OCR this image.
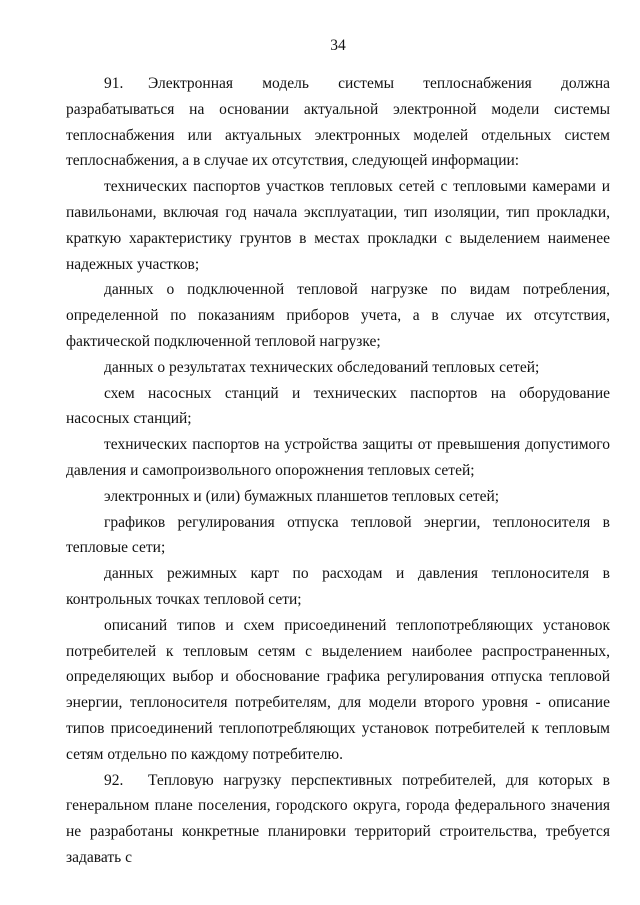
34

91. Электронная модель системы теплоснабжения должна разрабатываться на основании актуальной электронной модели системы теплоснабжения или актуальных электронных моделей отдельных систем теплоснабжения, а в случае их отсутствия, следующей информации:

технических паспортов участков тепловых сетей с тепловыми камерами и павильонами, включая год начала эксплуатации, тип изоляции, тип прокладки, краткую характеристику грунтов в местах прокладки с выделением наименее надежных участков;

данных о подключенной тепловой нагрузке по видам потребления, определенной по показаниям приборов учета, а в случае их отсутствия, фактической подключенной тепловой нагрузке;

данных о результатах технических обследований тепловых сетей;

схем насосных станций и технических паспортов на оборудование насосных станций;

технических паспортов на устройства защиты от превышения допустимого давления и самопроизвольного опорожнения тепловых сетей;

электронных и (или) бумажных планшетов тепловых сетей;

графиков регулирования отпуска тепловой энергии, теплоносителя в тепловые сети;

данных режимных карт по расходам и давления теплоносителя в контрольных точках тепловой сети;

описаний типов и схем присоединений теплопотребляющих установок потребителей к тепловым сетям с выделением наиболее распространенных, определяющих выбор и обоснование графика регулирования отпуска тепловой энергии, теплоносителя потребителям, для модели второго уровня - описание типов присоединений теплопотребляющих установок потребителей к тепловым сетям отдельно по каждому потребителю.

92. Тепловую нагрузку перспективных потребителей, для которых в генеральном плане поселения, городского округа, города федерального значения не разработаны конкретные планировки территорий строительства, требуется задавать с
